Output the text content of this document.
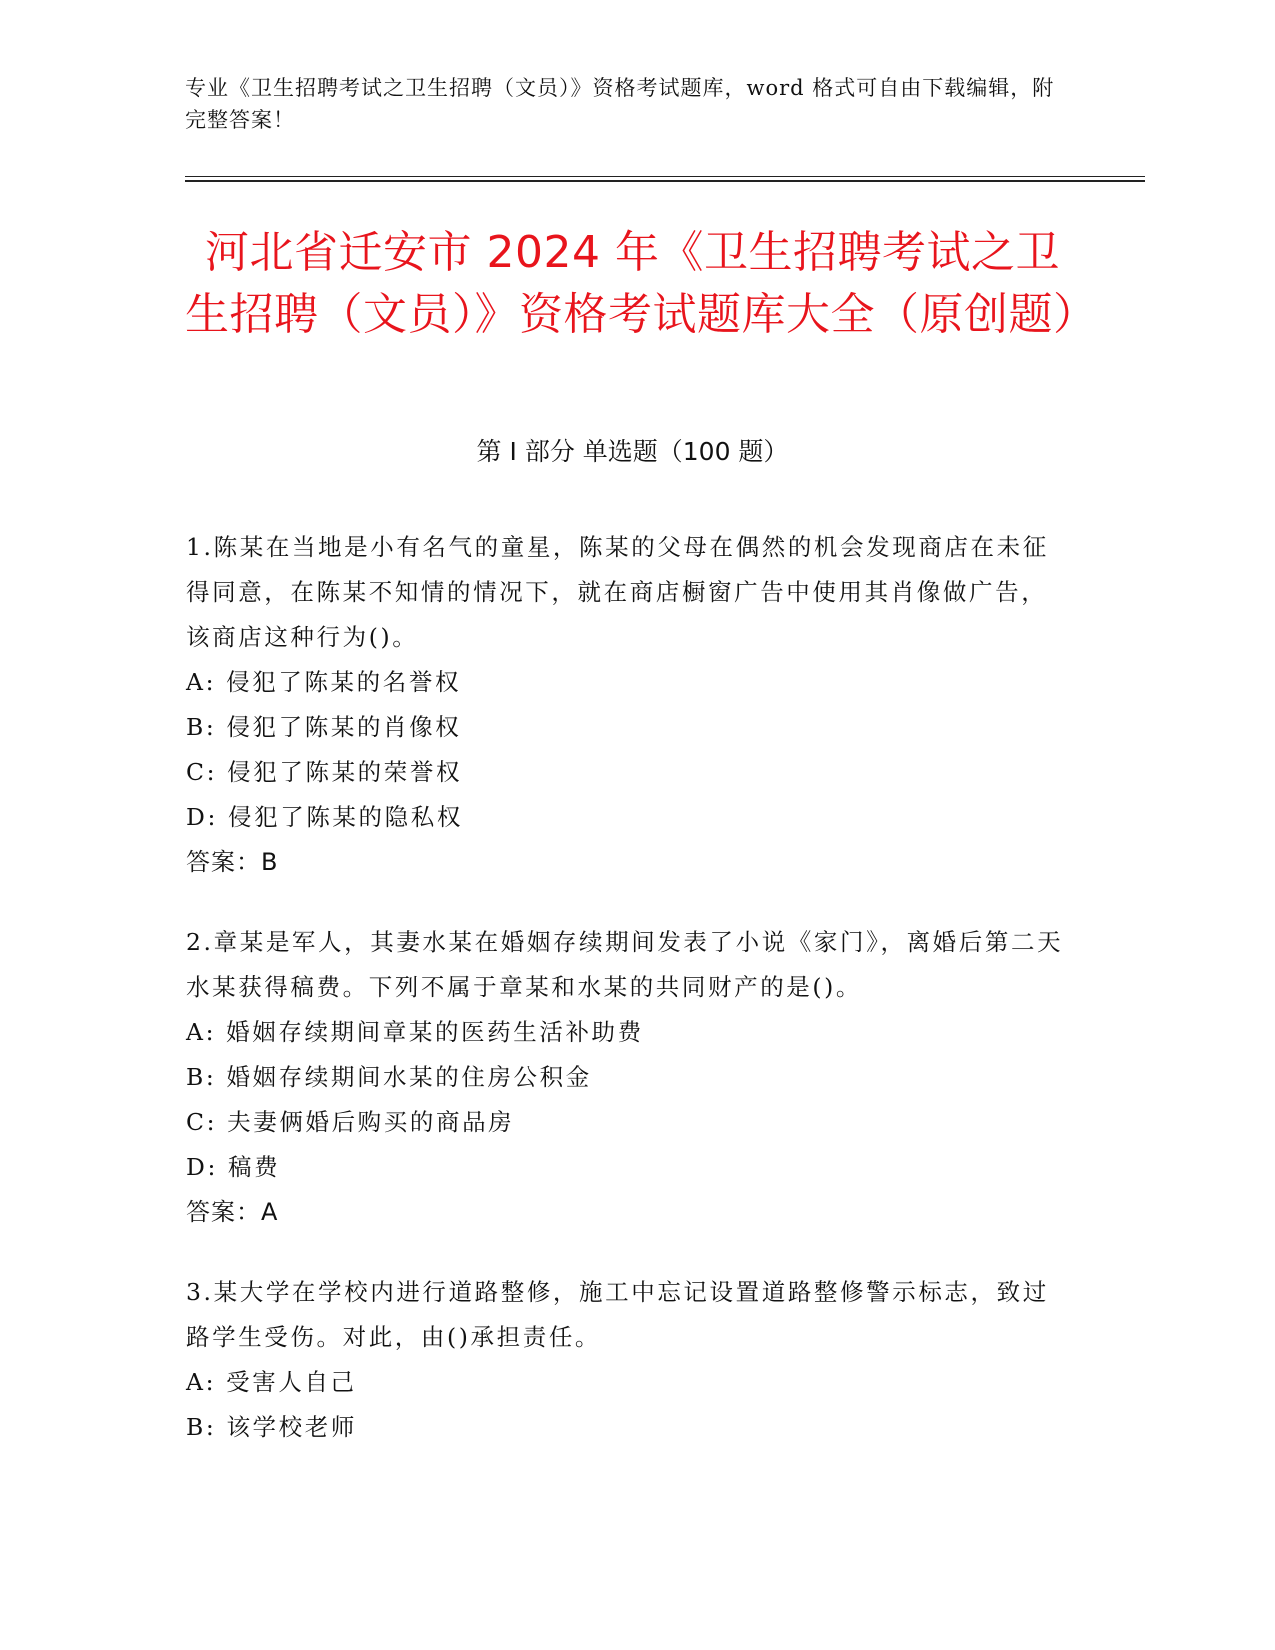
专业《卫生招聘考试之卫生招聘（文员）》资格考试题库，word 格式可自由下载编辑，附完整答案！
河北省迁安市 2024 年《卫生招聘考试之卫生招聘（文员）》资格考试题库大全（原创题）
第 I 部分 单选题（100 题）
1.陈某在当地是小有名气的童星，陈某的父母在偶然的机会发现商店在未征得同意，在陈某不知情的情况下，就在商店橱窗广告中使用其肖像做广告，该商店这种行为()。
A: 侵犯了陈某的名誉权
B: 侵犯了陈某的肖像权
C: 侵犯了陈某的荣誉权
D: 侵犯了陈某的隐私权
答案：B
2.章某是军人，其妻水某在婚姻存续期间发表了小说《家门》，离婚后第二天水某获得稿费。下列不属于章某和水某的共同财产的是()。
A: 婚姻存续期间章某的医药生活补助费
B: 婚姻存续期间水某的住房公积金
C: 夫妻俩婚后购买的商品房
D: 稿费
答案：A
3.某大学在学校内进行道路整修，施工中忘记设置道路整修警示标志，致过路学生受伤。对此，由()承担责任。
A: 受害人自己
B: 该学校老师
